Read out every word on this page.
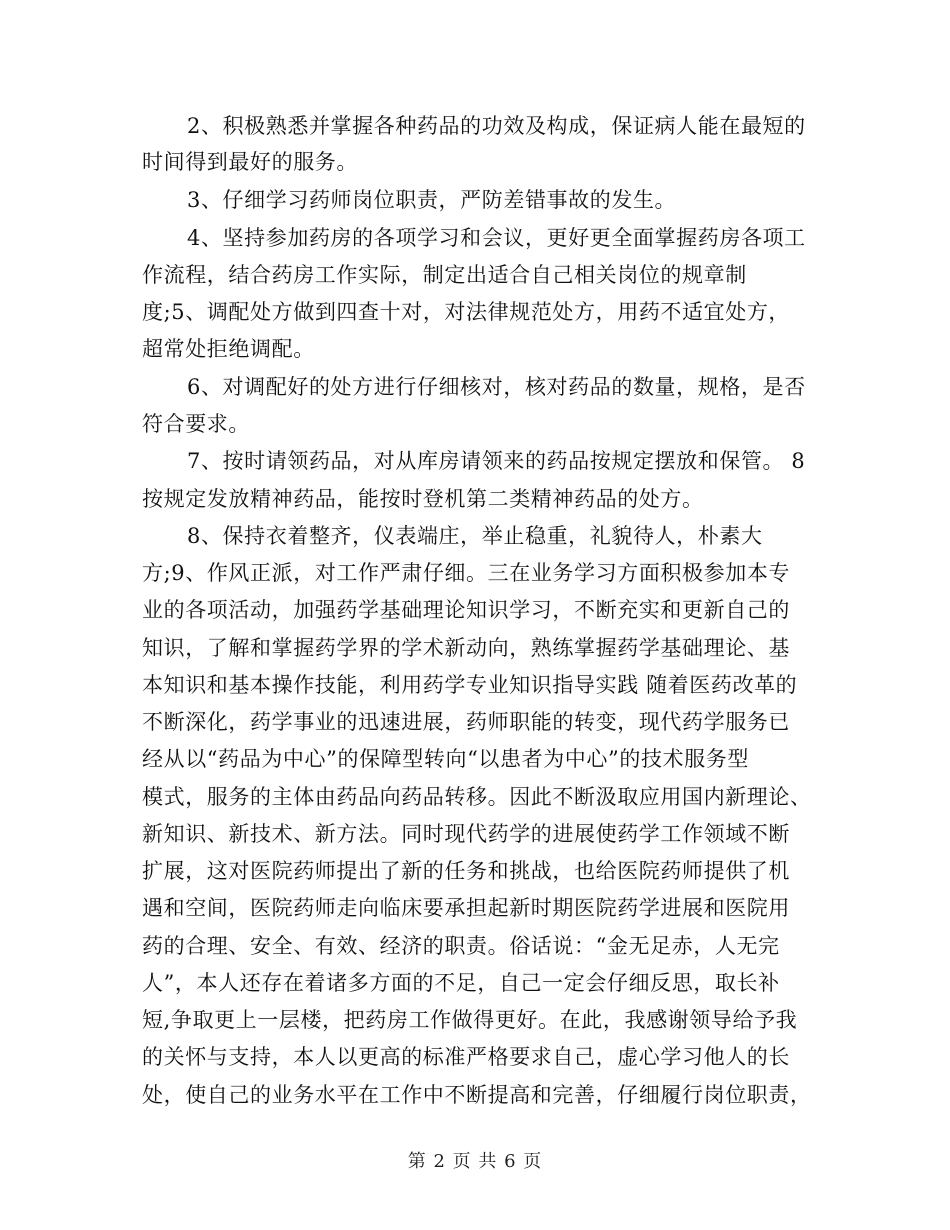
2、积极熟悉并掌握各种药品的功效及构成，保证病人能在最短的
时间得到最好的服务。
3、仔细学习药师岗位职责，严防差错事故的发生。
4、坚持参加药房的各项学习和会议，更好更全面掌握药房各项工
作流程，结合药房工作实际，制定出适合自己相关岗位的规章制
度;5、调配处方做到四查十对，对法律规范处方，用药不适宜处方，
超常处拒绝调配。
6、对调配好的处方进行仔细核对，核对药品的数量，规格，是否
符合要求。
7、按时请领药品，对从库房请领来的药品按规定摆放和保管。 8
按规定发放精神药品，能按时登机第二类精神药品的处方。
8、保持衣着整齐，仪表端庄，举止稳重，礼貌待人，朴素大
方;9、作风正派，对工作严肃仔细。三在业务学习方面积极参加本专
业的各项活动，加强药学基础理论知识学习，不断充实和更新自己的
知识，了解和掌握药学界的学术新动向，熟练掌握药学基础理论、基
本知识和基本操作技能，利用药学专业知识指导实践 随着医药改革的
不断深化，药学事业的迅速进展，药师职能的转变，现代药学服务已
经从以“药品为中心”的保障型转向“以患者为中心”的技术服务型
模式，服务的主体由药品向药品转移。因此不断汲取应用国内新理论、
新知识、新技术、新方法。同时现代药学的进展使药学工作领域不断
扩展，这对医院药师提出了新的任务和挑战，也给医院药师提供了机
遇和空间，医院药师走向临床要承担起新时期医院药学进展和医院用
药的合理、安全、有效、经济的职责。俗话说：“金无足赤，人无完
人”，本人还存在着诸多方面的不足，自己一定会仔细反思，取长补
短,争取更上一层楼，把药房工作做得更好。在此，我感谢领导给予我
的关怀与支持，本人以更高的标准严格要求自己，虚心学习他人的长
处，使自己的业务水平在工作中不断提高和完善，仔细履行岗位职责，
第 2 页 共 6 页
